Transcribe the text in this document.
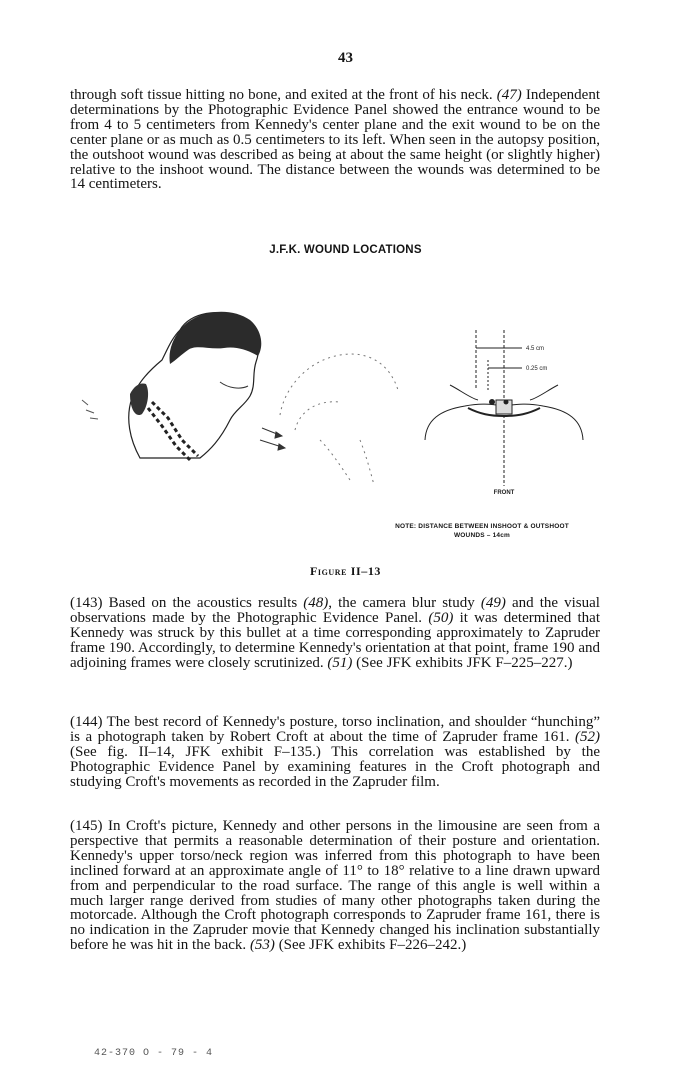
43

through soft tissue hitting no bone, and exited at the front of his neck. (47) Independent determinations by the Photographic Evidence Panel showed the entrance wound to be from 4 to 5 centimeters from Kennedy's center plane and the exit wound to be on the center plane or as much as 0.5 centimeters to its left. When seen in the autopsy position, the outshoot wound was described as being at about the same height (or slightly higher) relative to the inshoot wound. The distance between the wounds was determined to be 14 centimeters.

J.F.K. WOUND LOCATIONS
4.5 cm
0.25 cm
FRONT
NOTE: DISTANCE BETWEEN INSHOOT & OUTSHOOT
WOUNDS – 14cm
Figure II–13

(143) Based on the acoustics results (48), the camera blur study (49) and the visual observations made by the Photographic Evidence Panel. (50) it was determined that Kennedy was struck by this bullet at a time corresponding approximately to Zapruder frame 190. Accordingly, to determine Kennedy's orientation at that point, frame 190 and adjoining frames were closely scrutinized. (51) (See JFK exhibits JFK F–225–227.)

(144) The best record of Kennedy's posture, torso inclination, and shoulder “hunching” is a photograph taken by Robert Croft at about the time of Zapruder frame 161. (52) (See fig. II–14, JFK exhibit F–135.) This correlation was established by the Photographic Evidence Panel by examining features in the Croft photograph and studying Croft's movements as recorded in the Zapruder film.

(145) In Croft's picture, Kennedy and other persons in the limousine are seen from a perspective that permits a reasonable determination of their posture and orientation. Kennedy's upper torso/neck region was inferred from this photograph to have been inclined forward at an approximate angle of 11° to 18° relative to a line drawn upward from and perpendicular to the road surface. The range of this angle is well within a much larger range derived from studies of many other photographs taken during the motorcade. Although the Croft photograph corresponds to Zapruder frame 161, there is no indication in the Zapruder movie that Kennedy changed his inclination substantially before he was hit in the back. (53) (See JFK exhibits F–226–242.)

42-370 O - 79 - 4
